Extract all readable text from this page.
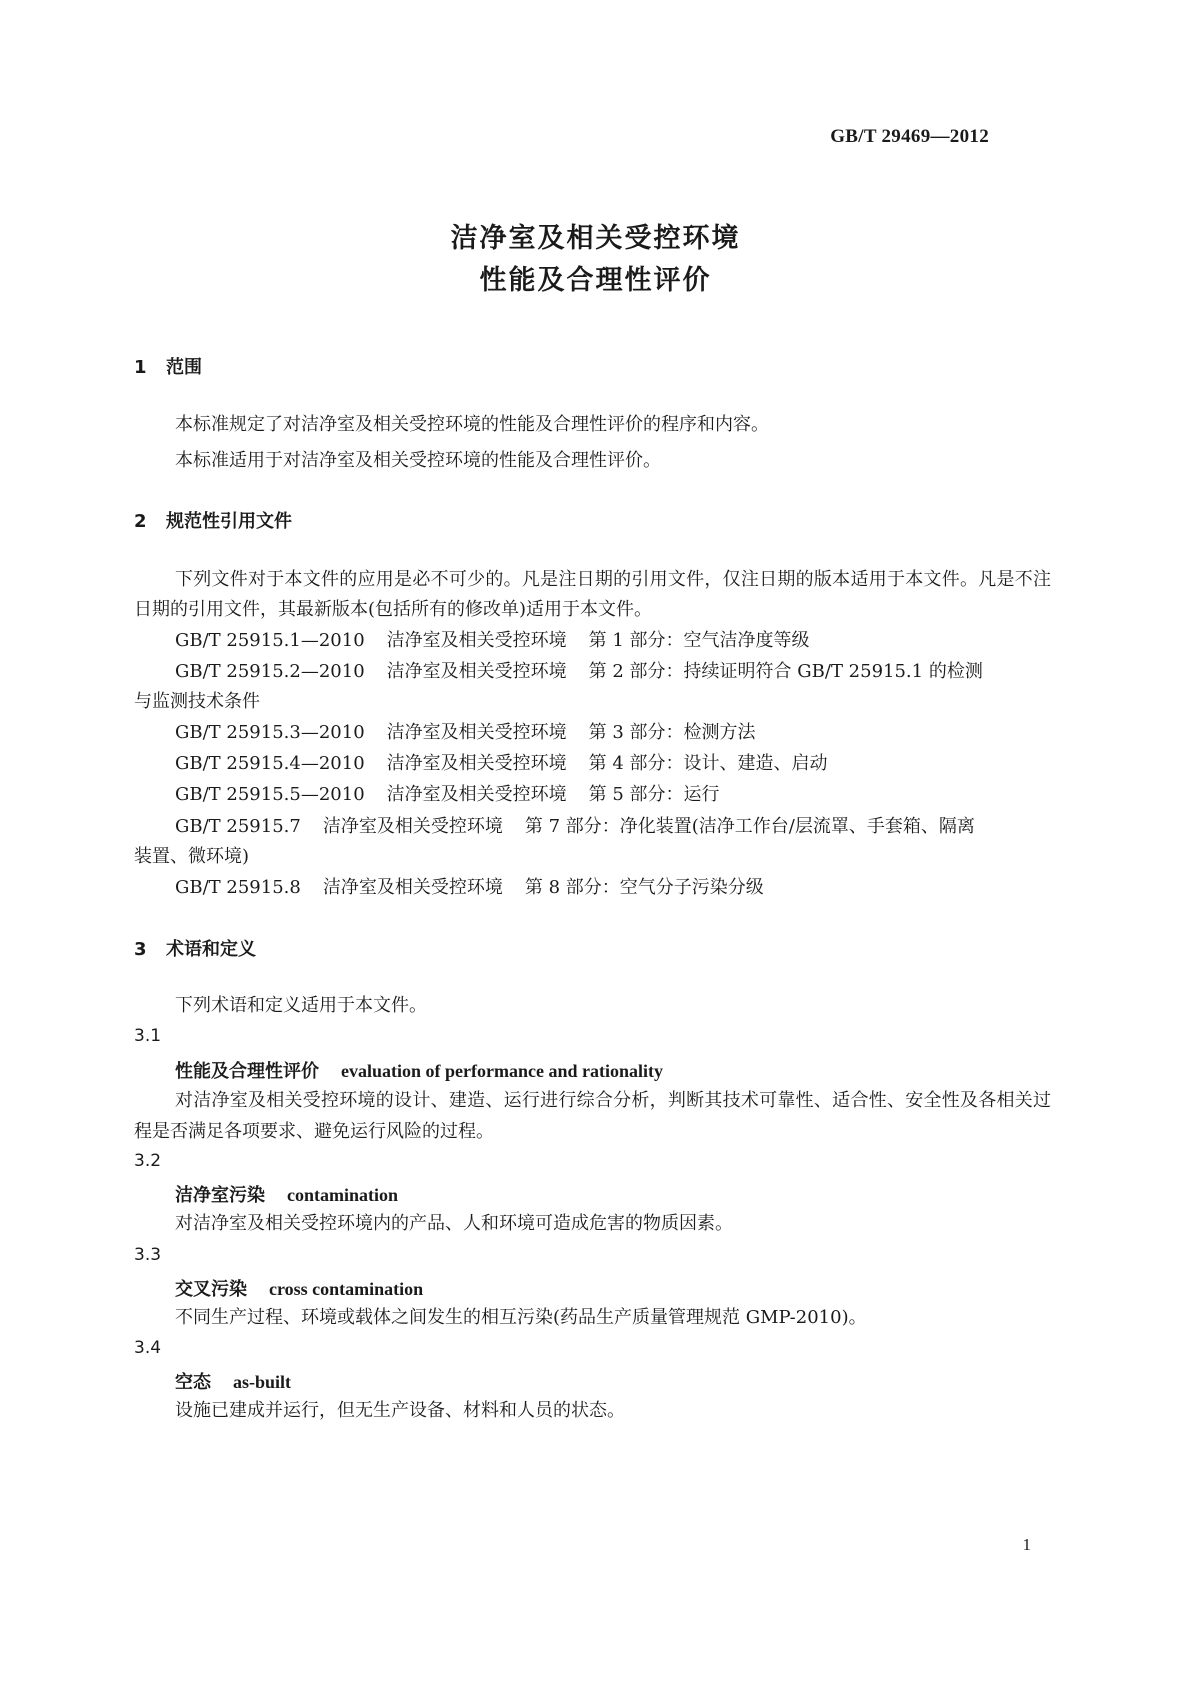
GB/T 29469—2012
洁净室及相关受控环境
性能及合理性评价
1 范围
本标准规定了对洁净室及相关受控环境的性能及合理性评价的程序和内容。
本标准适用于对洁净室及相关受控环境的性能及合理性评价。
2 规范性引用文件
下列文件对于本文件的应用是必不可少的。凡是注日期的引用文件，仅注日期的版本适用于本文件。凡是不注日期的引用文件，其最新版本(包括所有的修改单)适用于本文件。
GB/T 25915.1—2010 洁净室及相关受控环境 第 1 部分：空气洁净度等级
GB/T 25915.2—2010 洁净室及相关受控环境 第 2 部分：持续证明符合 GB/T 25915.1 的检测
与监测技术条件
GB/T 25915.3—2010 洁净室及相关受控环境 第 3 部分：检测方法
GB/T 25915.4—2010 洁净室及相关受控环境 第 4 部分：设计、建造、启动
GB/T 25915.5—2010 洁净室及相关受控环境 第 5 部分：运行
GB/T 25915.7 洁净室及相关受控环境 第 7 部分：净化装置(洁净工作台/层流罩、手套箱、隔离
装置、微环境)
GB/T 25915.8 洁净室及相关受控环境 第 8 部分：空气分子污染分级
3 术语和定义
下列术语和定义适用于本文件。
3.1
性能及合理性评价 evaluation of performance and rationality
对洁净室及相关受控环境的设计、建造、运行进行综合分析，判断其技术可靠性、适合性、安全性及各相关过程是否满足各项要求、避免运行风险的过程。
3.2
洁净室污染 contamination
对洁净室及相关受控环境内的产品、人和环境可造成危害的物质因素。
3.3
交叉污染 cross contamination
不同生产过程、环境或载体之间发生的相互污染(药品生产质量管理规范 GMP-2010)。
3.4
空态 as-built
设施已建成并运行，但无生产设备、材料和人员的状态。
1
